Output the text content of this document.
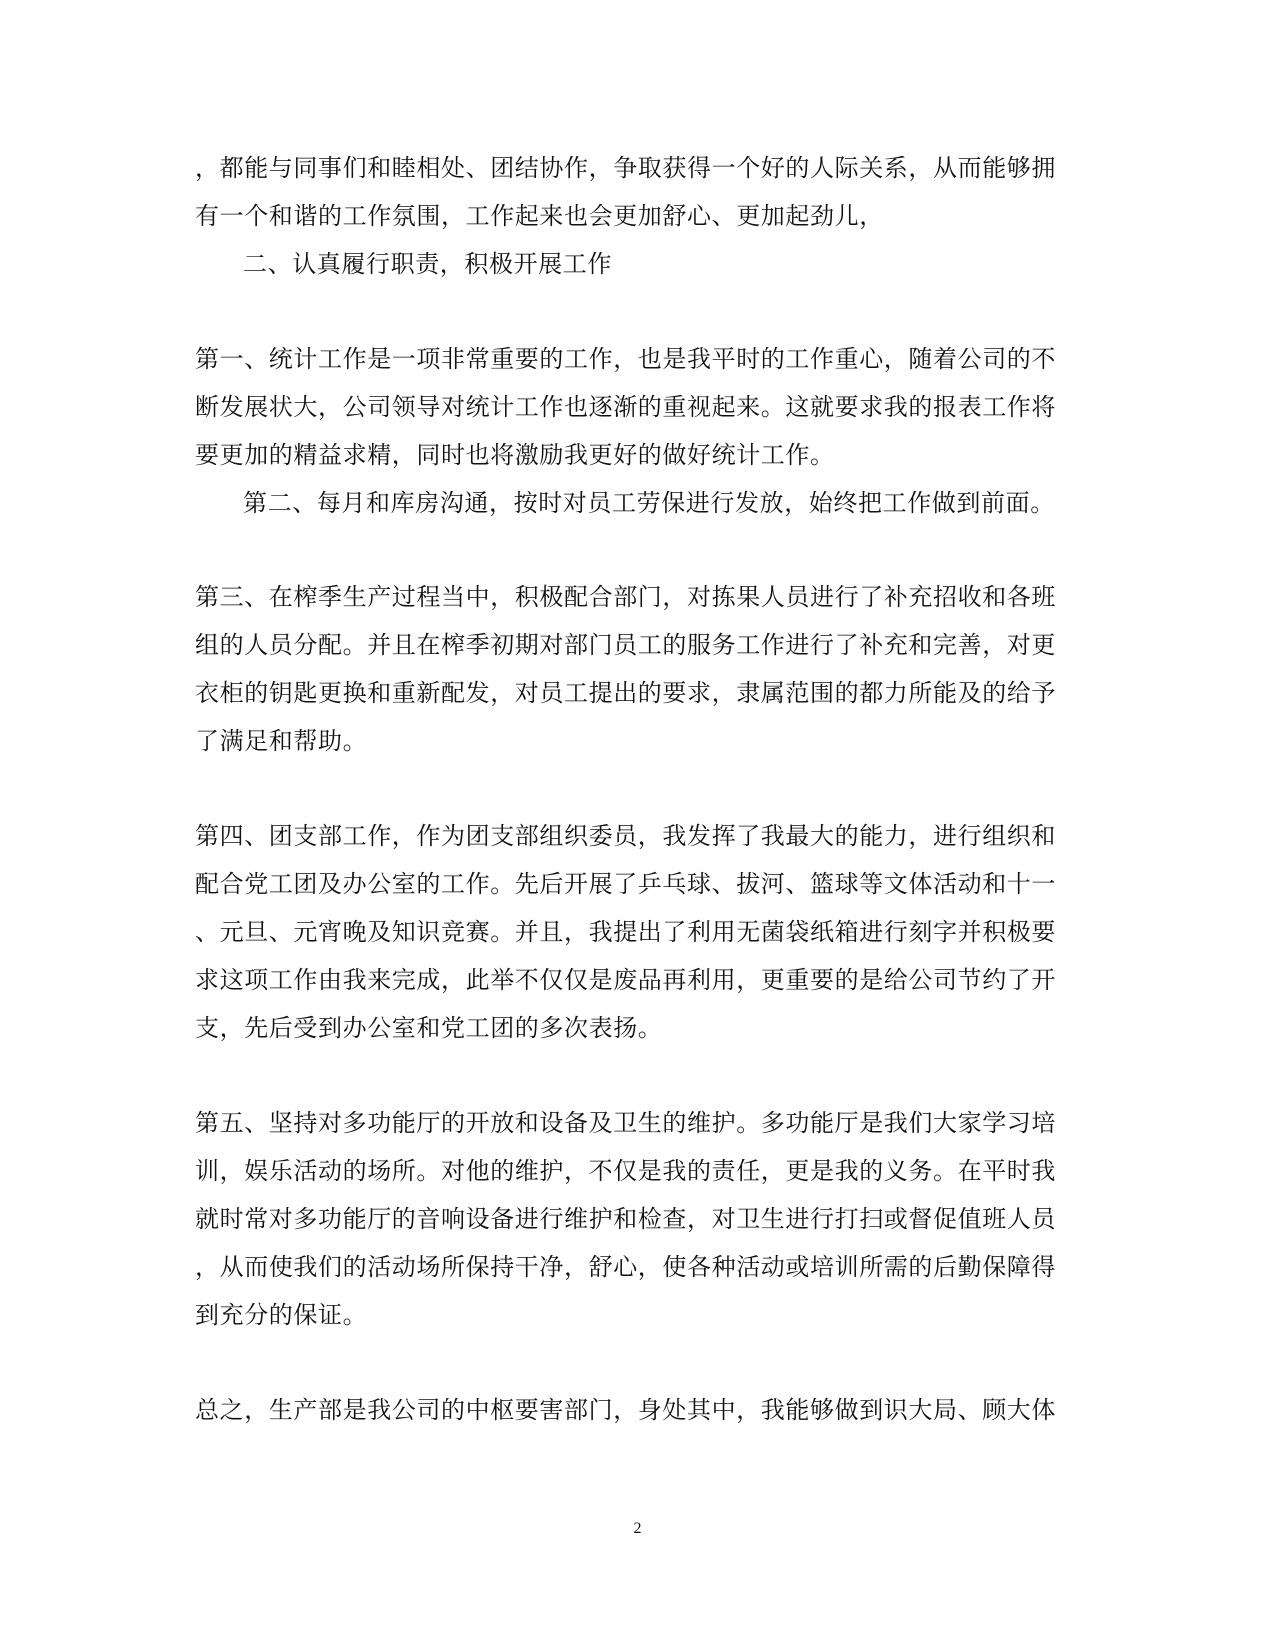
，都能与同事们和睦相处、团结协作，争取获得一个好的人际关系，从而能够拥
有一个和谐的工作氛围，工作起来也会更加舒心、更加起劲儿，
二、认真履行职责，积极开展工作
第一、统计工作是一项非常重要的工作，也是我平时的工作重心，随着公司的不
断发展状大，公司领导对统计工作也逐渐的重视起来。这就要求我的报表工作将
要更加的精益求精，同时也将激励我更好的做好统计工作。
第二、每月和库房沟通，按时对员工劳保进行发放，始终把工作做到前面。
第三、在榨季生产过程当中，积极配合部门，对拣果人员进行了补充招收和各班
组的人员分配。并且在榨季初期对部门员工的服务工作进行了补充和完善，对更
衣柜的钥匙更换和重新配发，对员工提出的要求，隶属范围的都力所能及的给予
了满足和帮助。
第四、团支部工作，作为团支部组织委员，我发挥了我最大的能力，进行组织和
配合党工团及办公室的工作。先后开展了乒乓球、拔河、篮球等文体活动和十一
、元旦、元宵晚及知识竞赛。并且，我提出了利用无菌袋纸箱进行刻字并积极要
求这项工作由我来完成，此举不仅仅是废品再利用，更重要的是给公司节约了开
支，先后受到办公室和党工团的多次表扬。
第五、坚持对多功能厅的开放和设备及卫生的维护。多功能厅是我们大家学习培
训，娱乐活动的场所。对他的维护，不仅是我的责任，更是我的义务。在平时我
就时常对多功能厅的音响设备进行维护和检查，对卫生进行打扫或督促值班人员
，从而使我们的活动场所保持干净，舒心，使各种活动或培训所需的后勤保障得
到充分的保证。
总之，生产部是我公司的中枢要害部门，身处其中，我能够做到识大局、顾大体
2
